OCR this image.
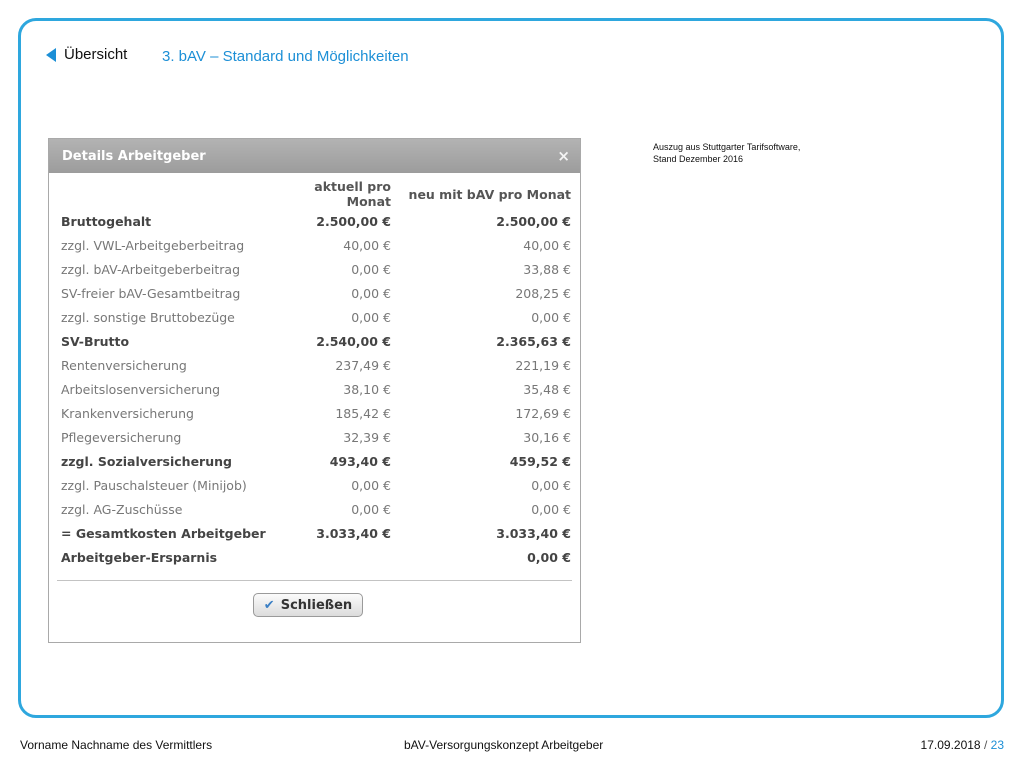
Übersicht 3. bAV – Standard und Möglichkeiten
Auszug aus Stuttgarter Tarifsoftware,
Stand Dezember 2016
Details Arbeitgeber	×
	aktuell pro Monat	neu mit bAV pro Monat
Bruttogehalt	2.500,00 €	2.500,00 €
zzgl. VWL-Arbeitgeberbeitrag	40,00 €	40,00 €
zzgl. bAV-Arbeitgeberbeitrag	0,00 €	33,88 €
SV-freier bAV-Gesamtbeitrag	0,00 €	208,25 €
zzgl. sonstige Bruttobezüge	0,00 €	0,00 €
SV-Brutto	2.540,00 €	2.365,63 €
Rentenversicherung	237,49 €	221,19 €
Arbeitslosenversicherung	38,10 €	35,48 €
Krankenversicherung	185,42 €	172,69 €
Pflegeversicherung	32,39 €	30,16 €
zzgl. Sozialversicherung	493,40 €	459,52 €
zzgl. Pauschalsteuer (Minijob)	0,00 €	0,00 €
zzgl. AG-Zuschüsse	0,00 €	0,00 €
= Gesamtkosten Arbeitgeber	3.033,40 €	3.033,40 €
Arbeitgeber-Ersparnis		0,00 €
✔ Schließen
Vorname Nachname des Vermittlers	bAV-Versorgungskonzept Arbeitgeber	17.09.2018 / 23
